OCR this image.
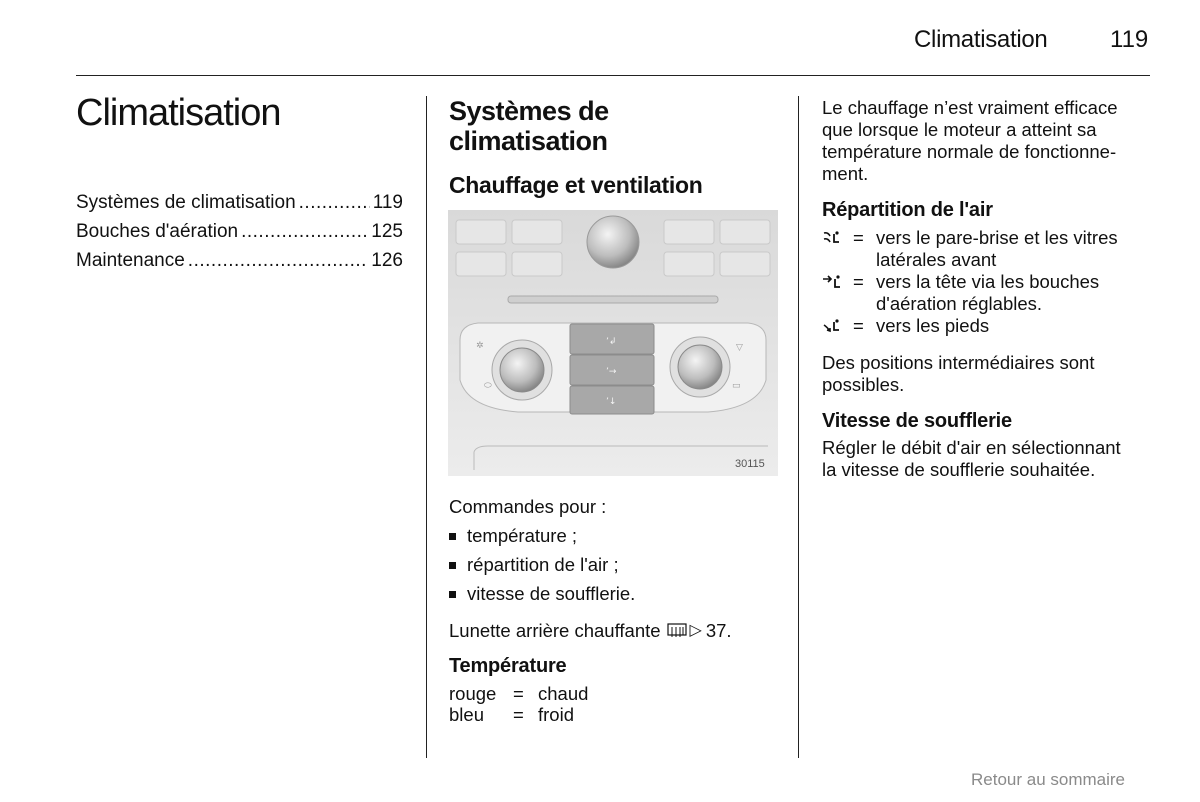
Climatisation	119
Climatisation
Systèmes de climatisation .....	119
Bouches d'aération .....	125
Maintenance .....	126
Systèmes de
climatisation
Chauffage et ventilation
ʼ↲
ʼ→
ʼ↓
✲
⬭
▽
▭
30115
Commandes pour :
température ;
répartition de l'air ;
vitesse de soufflerie.
Lunette arrière chauffante ▷ 37.
Température
rouge = chaud
bleu	= froid
Le chauffage n’est vraiment efficace
que lorsque le moteur a atteint sa
température normale de fonctionne-
ment.
Répartition de l'air
= vers le pare-brise et les vitres
latérales avant
= vers la tête via les bouches
d'aération réglables.
= vers les pieds
Des positions intermédiaires sont
possibles.
Vitesse de soufflerie
Régler le débit d'air en sélectionnant
la vitesse de soufflerie souhaitée.
Retour au sommaire
